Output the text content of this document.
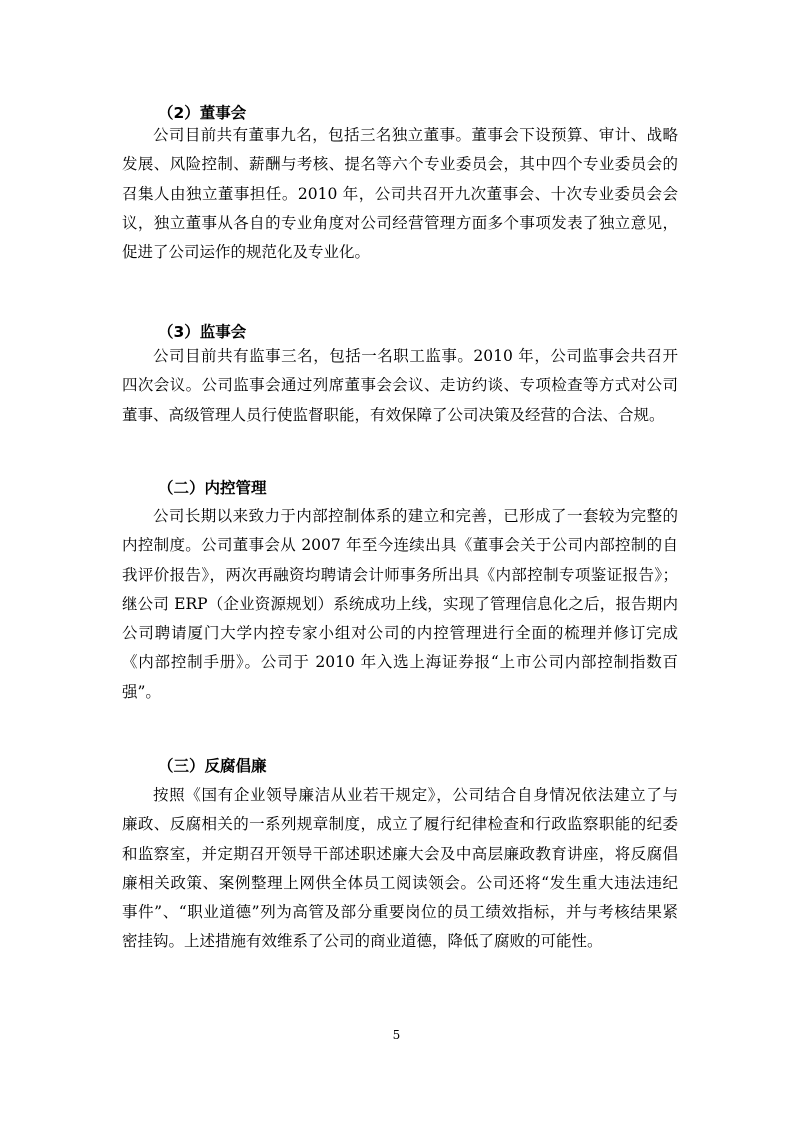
（2）董事会
公司目前共有董事九名，包括三名独立董事。董事会下设预算、审计、战略
发展、风险控制、薪酬与考核、提名等六个专业委员会，其中四个专业委员会的
召集人由独立董事担任。2010 年，公司共召开九次董事会、十次专业委员会会
议，独立董事从各自的专业角度对公司经营管理方面多个事项发表了独立意见，
促进了公司运作的规范化及专业化。
（3）监事会
公司目前共有监事三名，包括一名职工监事。2010 年，公司监事会共召开
四次会议。公司监事会通过列席董事会会议、走访约谈、专项检查等方式对公司
董事、高级管理人员行使监督职能，有效保障了公司决策及经营的合法、合规。
（二）内控管理
公司长期以来致力于内部控制体系的建立和完善，已形成了一套较为完整的
内控制度。公司董事会从 2007 年至今连续出具《董事会关于公司内部控制的自
我评价报告》，两次再融资均聘请会计师事务所出具《内部控制专项鉴证报告》；
继公司 ERP（企业资源规划）系统成功上线，实现了管理信息化之后，报告期内
公司聘请厦门大学内控专家小组对公司的内控管理进行全面的梳理并修订完成
《内部控制手册》。公司于 2010 年入选上海证券报“上市公司内部控制指数百
强”。
（三）反腐倡廉
按照《国有企业领导廉洁从业若干规定》，公司结合自身情况依法建立了与
廉政、反腐相关的一系列规章制度，成立了履行纪律检查和行政监察职能的纪委
和监察室，并定期召开领导干部述职述廉大会及中高层廉政教育讲座，将反腐倡
廉相关政策、案例整理上网供全体员工阅读领会。公司还将“发生重大违法违纪
事件”、“职业道德”列为高管及部分重要岗位的员工绩效指标，并与考核结果紧
密挂钩。上述措施有效维系了公司的商业道德，降低了腐败的可能性。
5
